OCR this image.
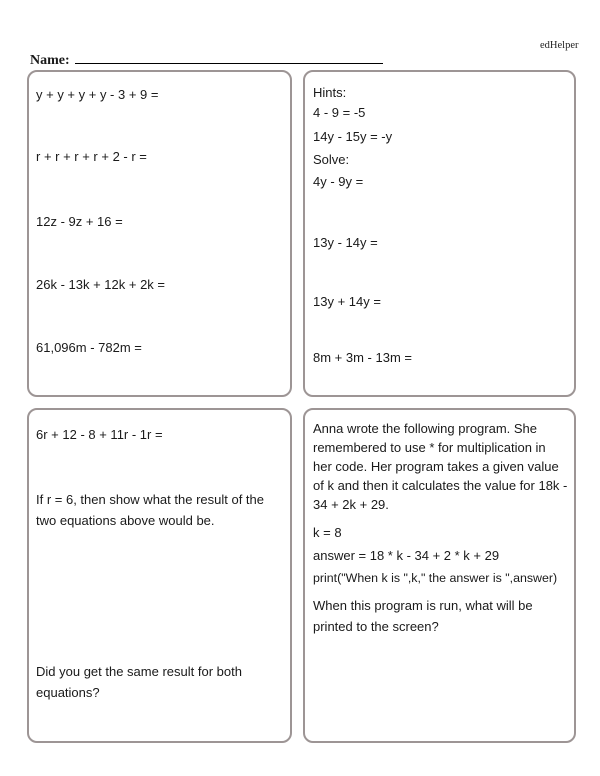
edHelper
Name:
y + y + y + y - 3 + 9 =
r + r + r + r + 2 - r =
12z - 9z + 16 =
26k - 13k + 12k + 2k =
61,096m - 782m =
Hints:
4 - 9 = -5
14y - 15y = -y
Solve:
4y - 9y =
13y - 14y =
13y + 14y =
8m + 3m - 13m =
6r + 12 - 8 + 11r - 1r =
If r = 6, then show what the result of the two equations above would be.
Did you get the same result for both equations?
Anna wrote the following program. She remembered to use * for multiplication in her code. Her program takes a given value of k and then it calculates the value for 18k - 34 + 2k + 29.
k = 8
answer = 18 * k - 34 + 2 * k + 29
print("When k is ",k," the answer is ",answer)
When this program is run, what will be printed to the screen?
